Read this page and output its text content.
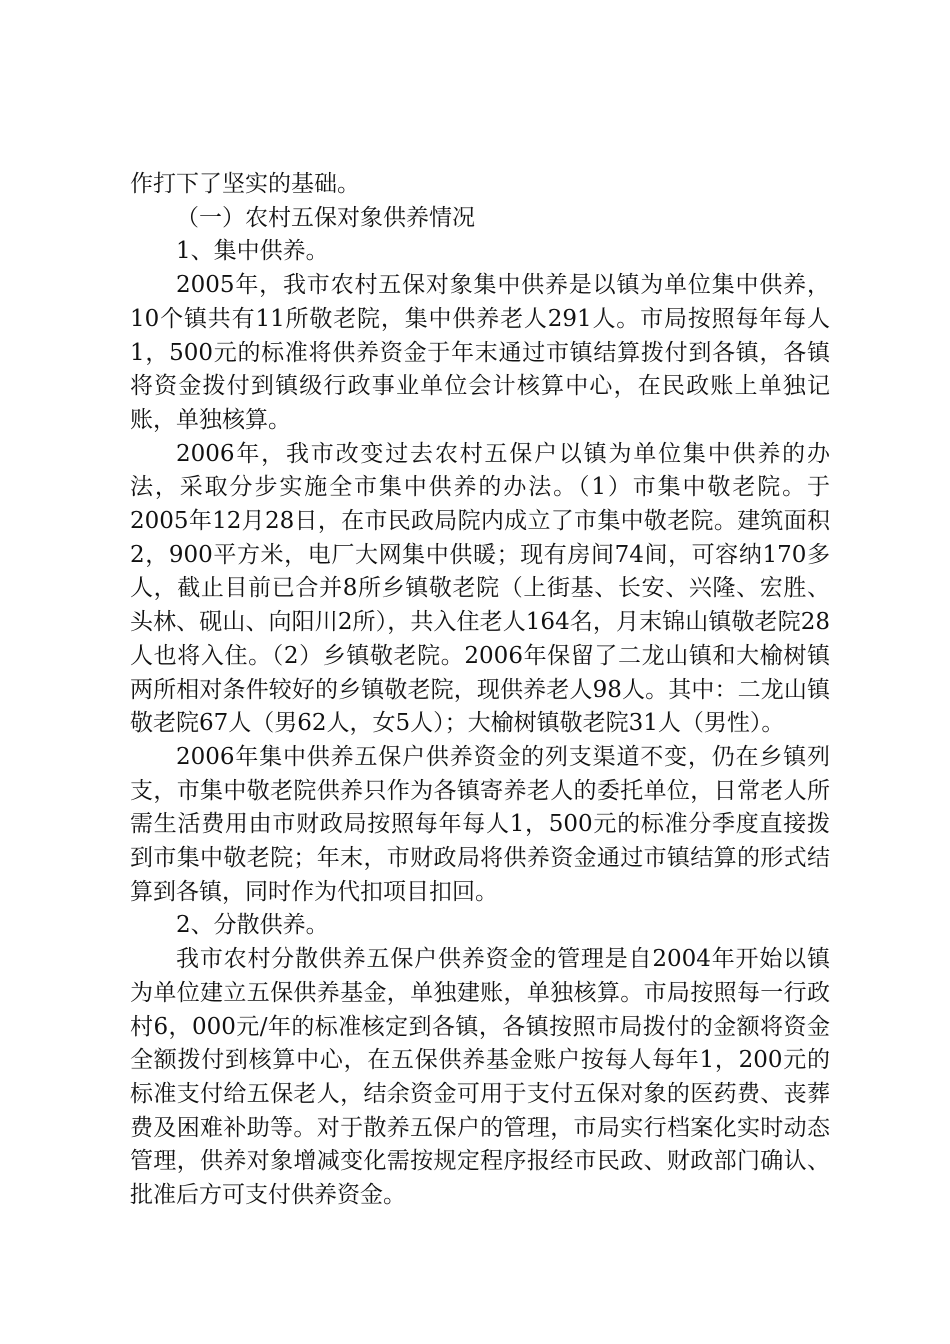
作打下了坚实的基础。

（一）农村五保对象供养情况

1、集中供养。

2005年，我市农村五保对象集中供养是以镇为单位集中供养，10个镇共有11所敬老院，集中供养老人291人。市局按照每年每人1，500元的标准将供养资金于年末通过市镇结算拨付到各镇，各镇将资金拨付到镇级行政事业单位会计核算中心，在民政账上单独记账，单独核算。

2006年，我市改变过去农村五保户以镇为单位集中供养的办法，采取分步实施全市集中供养的办法。（1）市集中敬老院。于2005年12月28日，在市民政局院内成立了市集中敬老院。建筑面积2，900平方米，电厂大网集中供暖；现有房间74间，可容纳170多人，截止目前已合并8所乡镇敬老院（上街基、长安、兴隆、宏胜、头林、砚山、向阳川2所），共入住老人164名，月末锦山镇敬老院28人也将入住。（2）乡镇敬老院。2006年保留了二龙山镇和大榆树镇两所相对条件较好的乡镇敬老院，现供养老人98人。其中：二龙山镇敬老院67人（男62人，女5人）；大榆树镇敬老院31人（男性）。

2006年集中供养五保户供养资金的列支渠道不变，仍在乡镇列支，市集中敬老院供养只作为各镇寄养老人的委托单位，日常老人所需生活费用由市财政局按照每年每人1，500元的标准分季度直接拨到市集中敬老院；年末，市财政局将供养资金通过市镇结算的形式结算到各镇，同时作为代扣项目扣回。

2、分散供养。

我市农村分散供养五保户供养资金的管理是自2004年开始以镇为单位建立五保供养基金，单独建账，单独核算。市局按照每一行政村6，000元/年的标准核定到各镇，各镇按照市局拨付的金额将资金全额拨付到核算中心，在五保供养基金账户按每人每年1，200元的标准支付给五保老人，结余资金可用于支付五保对象的医药费、丧葬费及困难补助等。对于散养五保户的管理，市局实行档案化实时动态管理，供养对象增减变化需按规定程序报经市民政、财政部门确认、批准后方可支付供养资金。
